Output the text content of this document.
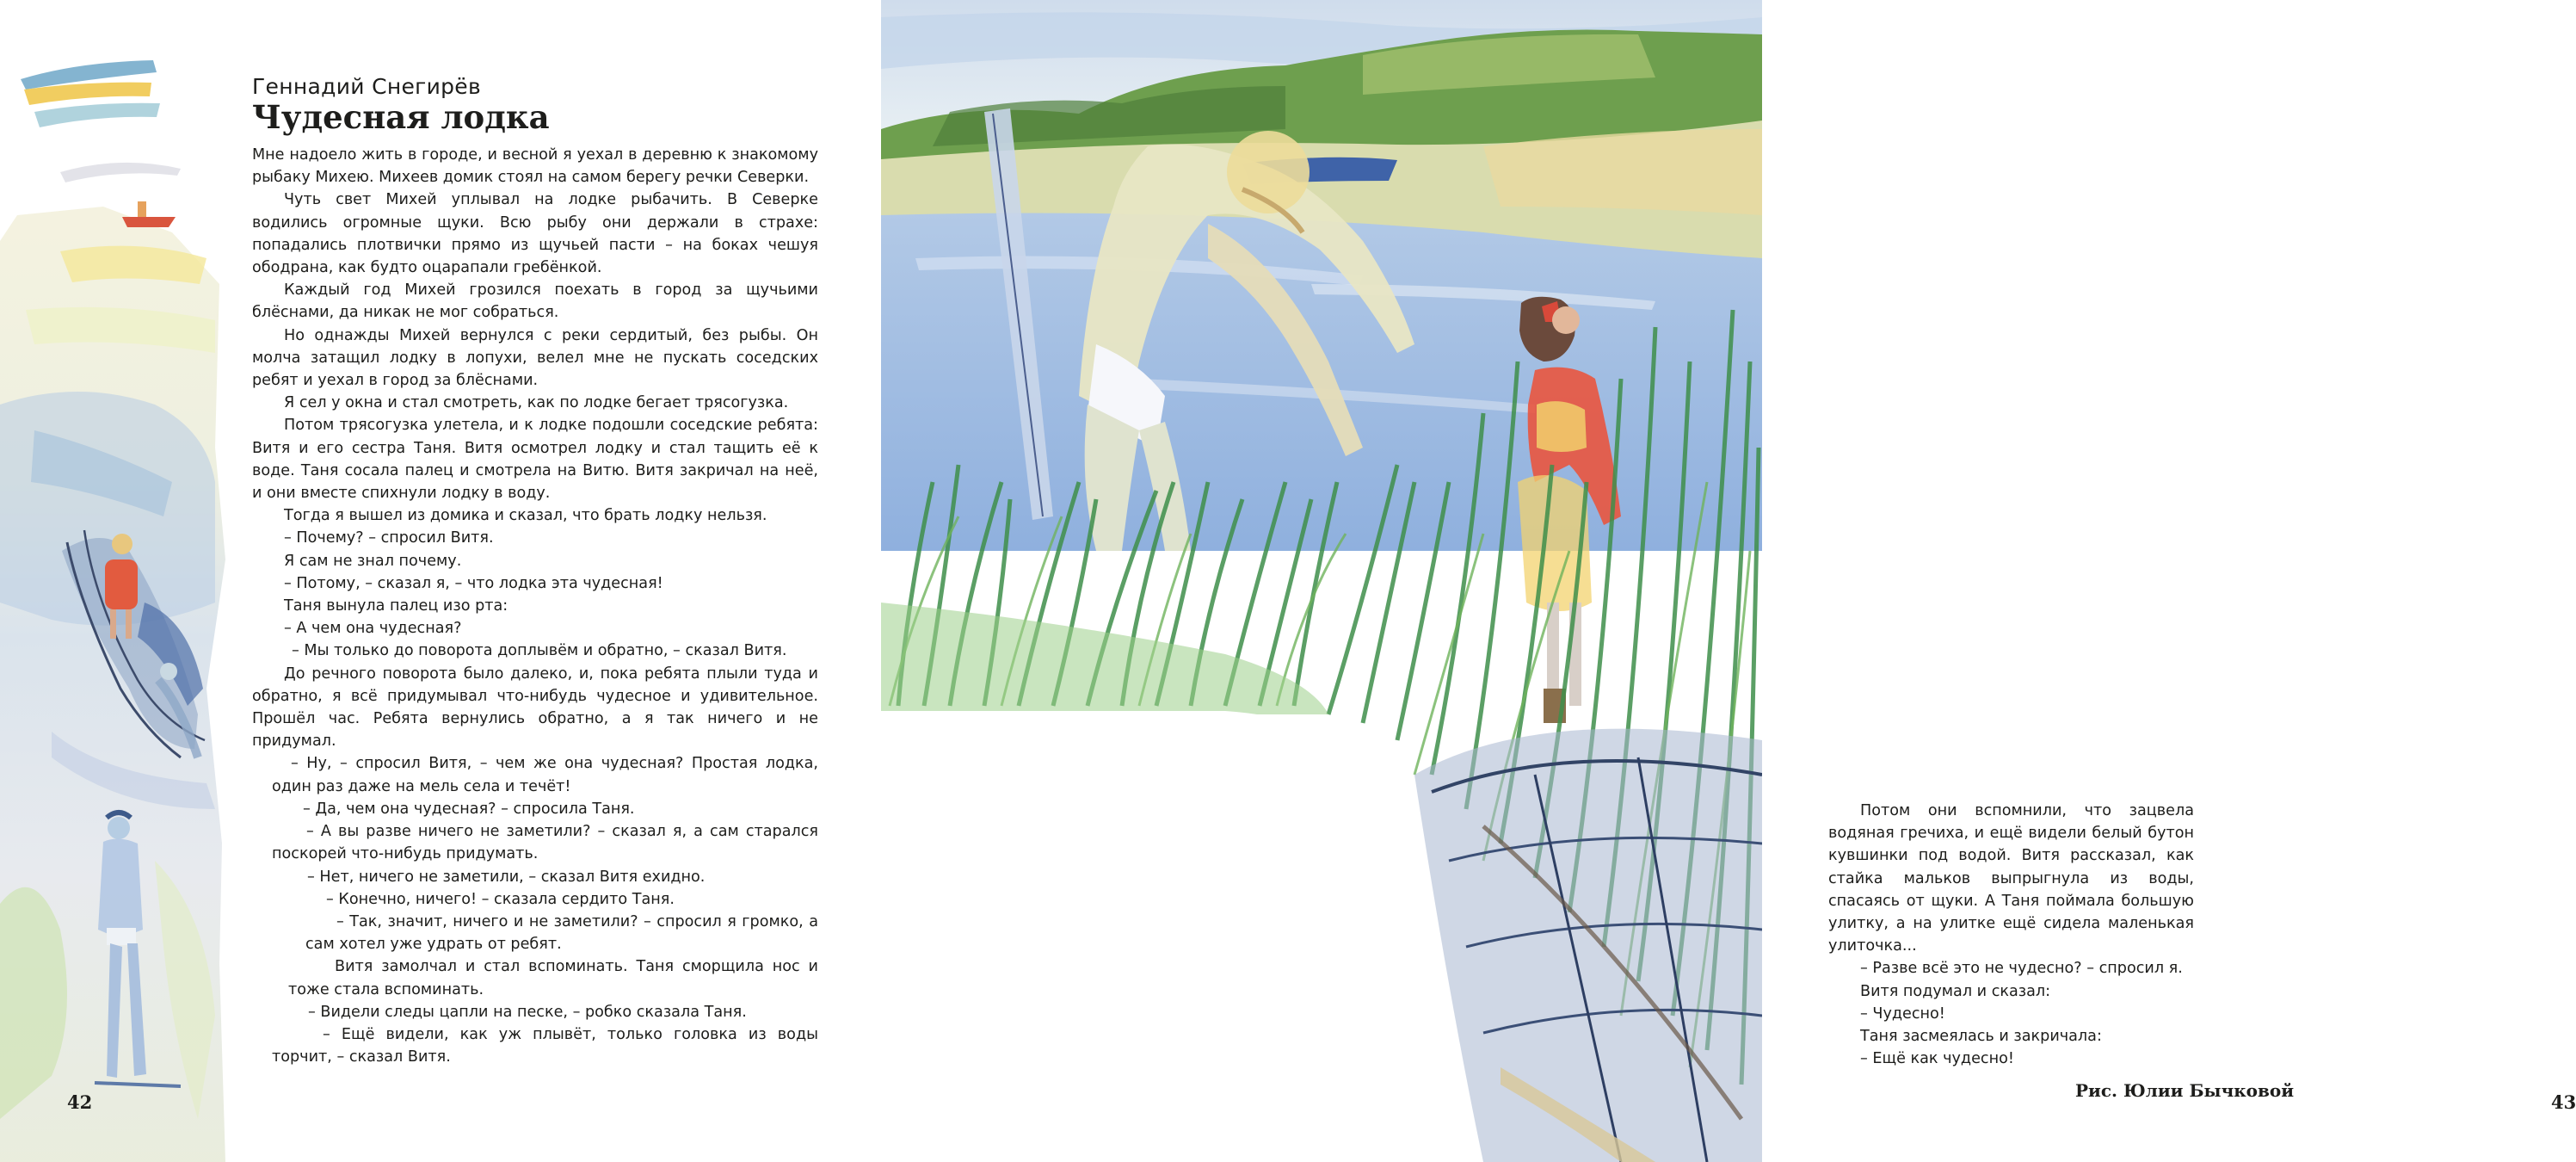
Геннадий Снегирёв
Чудесная лодка

Мне надоело жить в городе, и весной я уехал в деревню к знакомому рыбаку Михею. Михеев домик стоял на самом берегу речки Северки.

Чуть свет Михей уплывал на лодке рыбачить. В Северке водились огромные щуки. Всю рыбу они держали в страхе: попадались плотвички прямо из щучьей пасти – на боках чешуя ободрана, как будто оцарапали гребёнкой.

Каждый год Михей грозился поехать в город за щучьими блёснами, да никак не мог собраться.

Но однажды Михей вернулся с реки сердитый, без рыбы. Он молча затащил лодку в лопухи, велел мне не пускать соседских ребят и уехал в город за блёснами.

Я сел у окна и стал смотреть, как по лодке бегает трясогузка.

Потом трясогузка улетела, и к лодке подошли соседские ребята: Витя и его сестра Таня. Витя осмотрел лодку и стал тащить её к воде. Таня сосала палец и смотрела на Витю. Витя закричал на неё, и они вместе спихнули лодку в воду.

Тогда я вышел из домика и сказал, что брать лодку нельзя.

– Почему? – спросил Витя.

Я сам не знал почему.

– Потому, – сказал я, – что лодка эта чудесная!

Таня вынула палец изо рта:

– А чем она чудесная?

– Мы только до поворота доплывём и обратно, – сказал Витя.

До речного поворота было далеко, и, пока ребята плыли туда и обратно, я всё придумывал что-нибудь чудесное и удивительное. Прошёл час. Ребята вернулись обратно, а я так ничего и не придумал.

– Ну, – спросил Витя, – чем же она чудесная? Простая лодка, один раз даже на мель села и течёт!

– Да, чем она чудесная? – спросила Таня.

– А вы разве ничего не заметили? – сказал я, а сам старался поскорей что-нибудь придумать.

– Нет, ничего не заметили, – сказал Витя ехидно.

– Конечно, ничего! – сказала сердито Таня.

– Так, значит, ничего и не заметили? – спросил я громко, а сам хотел уже удрать от ребят.

Витя замолчал и стал вспоминать. Таня сморщила нос и тоже стала вспоминать.

– Видели следы цапли на песке, – робко сказала Таня.

– Ещё видели, как уж плывёт, только головка из воды торчит, – сказал Витя.

42

Потом они вспомнили, что зацвела водяная гречиха, и ещё видели белый бутон кувшинки под водой. Витя рассказал, как стайка мальков выпрыгнула из воды, спасаясь от щуки. А Таня поймала большую улитку, а на улитке ещё сидела маленькая улиточка...

– Разве всё это не чудесно? – спросил я.

Витя подумал и сказал:

– Чудесно!

Таня засмеялась и закричала:

– Ещё как чудесно!

Рис. Юлии Бычковой
43
